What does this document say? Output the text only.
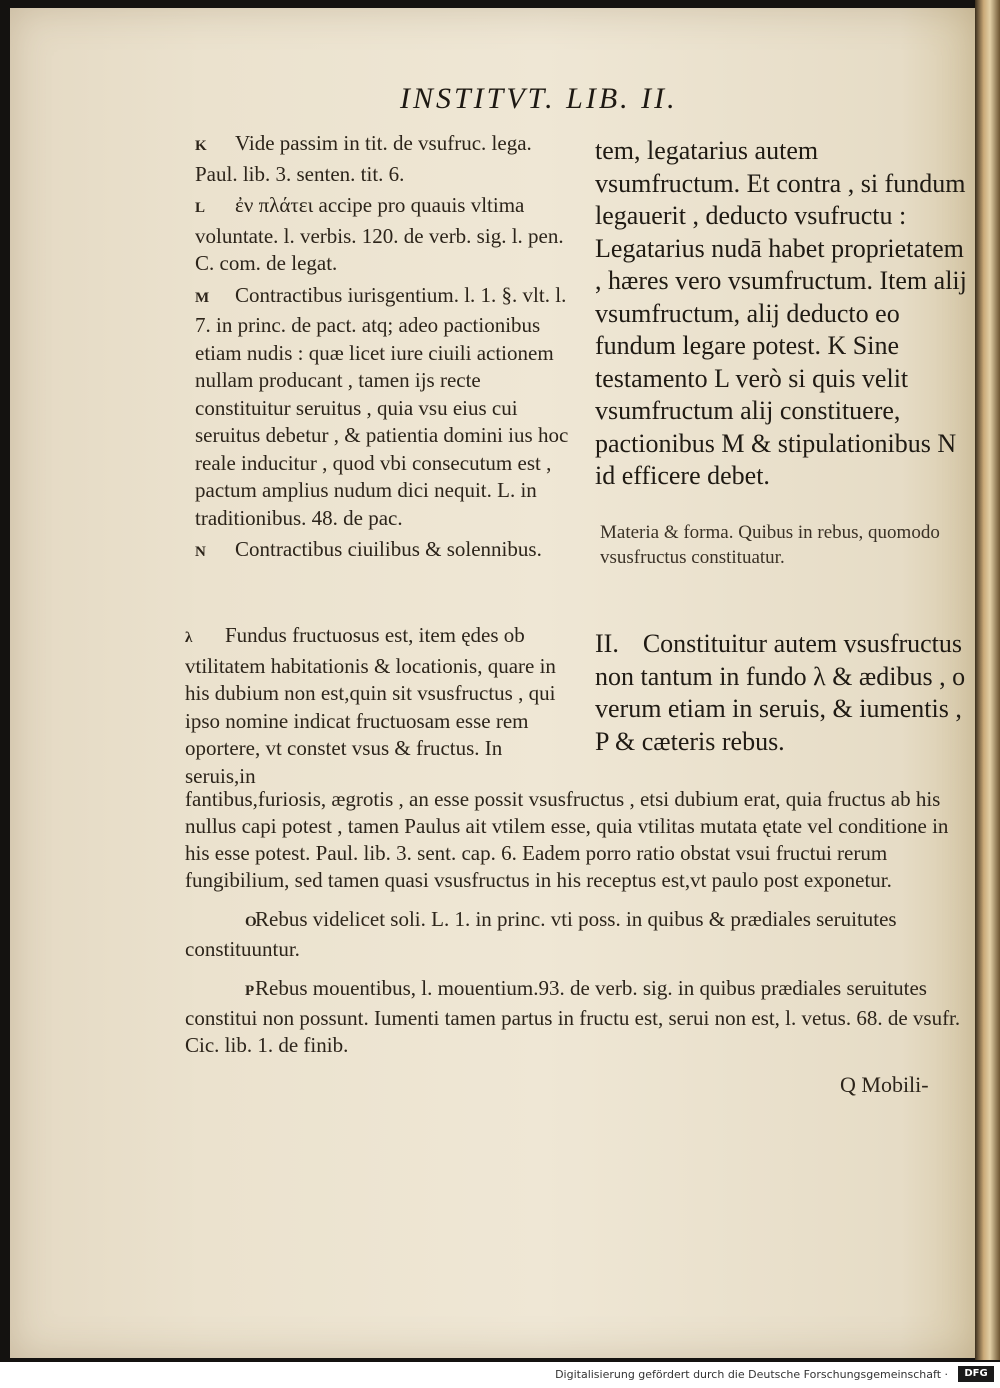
INSTITVT. LIB. II.

K Vide passim in tit. de vsufruc. lega. Paul. lib. 3. senten. tit. 6.

L ἐν πλάτει accipe pro quauis vltima voluntate. l. verbis. 120. de verb. sig. l. pen. C. com. de legat.

M Contractibus iurisgentium. l. 1. §. vlt. l. 7. in princ. de pact. atq; adeo pactionibus etiam nudis : quæ licet iure ciuili actionem nullam producant , tamen ijs recte constituitur seruitus , quia vsu eius cui seruitus debetur , & patientia domini ius hoc reale inducitur , quod vbi consecutum est , pactum amplius nudum dici nequit. L. in traditionibus. 48. de pac.

N Contractibus ciuilibus & solennibus.

tem, legatarius autem vsumfructum. Et contra , si fundum legauerit , deducto vsufructu : Legatarius nudā habet proprietatem , hæres vero vsumfructum. Item alij vsumfructum, alij deducto eo fundum legare potest. K Sine testamento L verò si quis velit vsumfructum alij constituere, pactionibus M & stipulationibus N id efficere debet.

Materia & forma. Quibus in rebus, quomodo vsusfructus constituatur.

λ Fundus fructuosus est, item ędes ob vtilitatem habitationis & locationis, quare in his dubium non est,quin sit vsusfructus , qui ipso nomine indicat fructuosam esse rem oportere, vt constet vsus & fructus. In seruis,in

II. Constituitur autem vsusfructus non tantum in fundo λ & ædibus , o verum etiam in seruis, & iumentis , P & cæteris rebus.

fantibus,furiosis, ægrotis , an esse possit vsusfructus , etsi dubium erat, quia fructus ab his nullus capi potest , tamen Paulus ait vtilem esse, quia vtilitas mutata ętate vel conditione in his esse potest. Paul. lib. 3. sent. cap. 6. Eadem porro ratio obstat vsui fructui rerum fungibilium, sed tamen quasi vsusfructus in his receptus est,vt paulo post exponetur.

ORebus videlicet soli. L. 1. in princ. vti poss. in quibus & prædiales seruitutes constituuntur.

PRebus mouentibus, l. mouentium.93. de verb. sig. in quibus prædiales seruitutes constitui non possunt. Iumenti tamen partus in fructu est, serui non est, l. vetus. 68. de vsufr. Cic. lib. 1. de finib.

Q Mobili-
Digitalisierung gefördert durch die Deutsche Forschungsgemeinschaft ·	DFG
